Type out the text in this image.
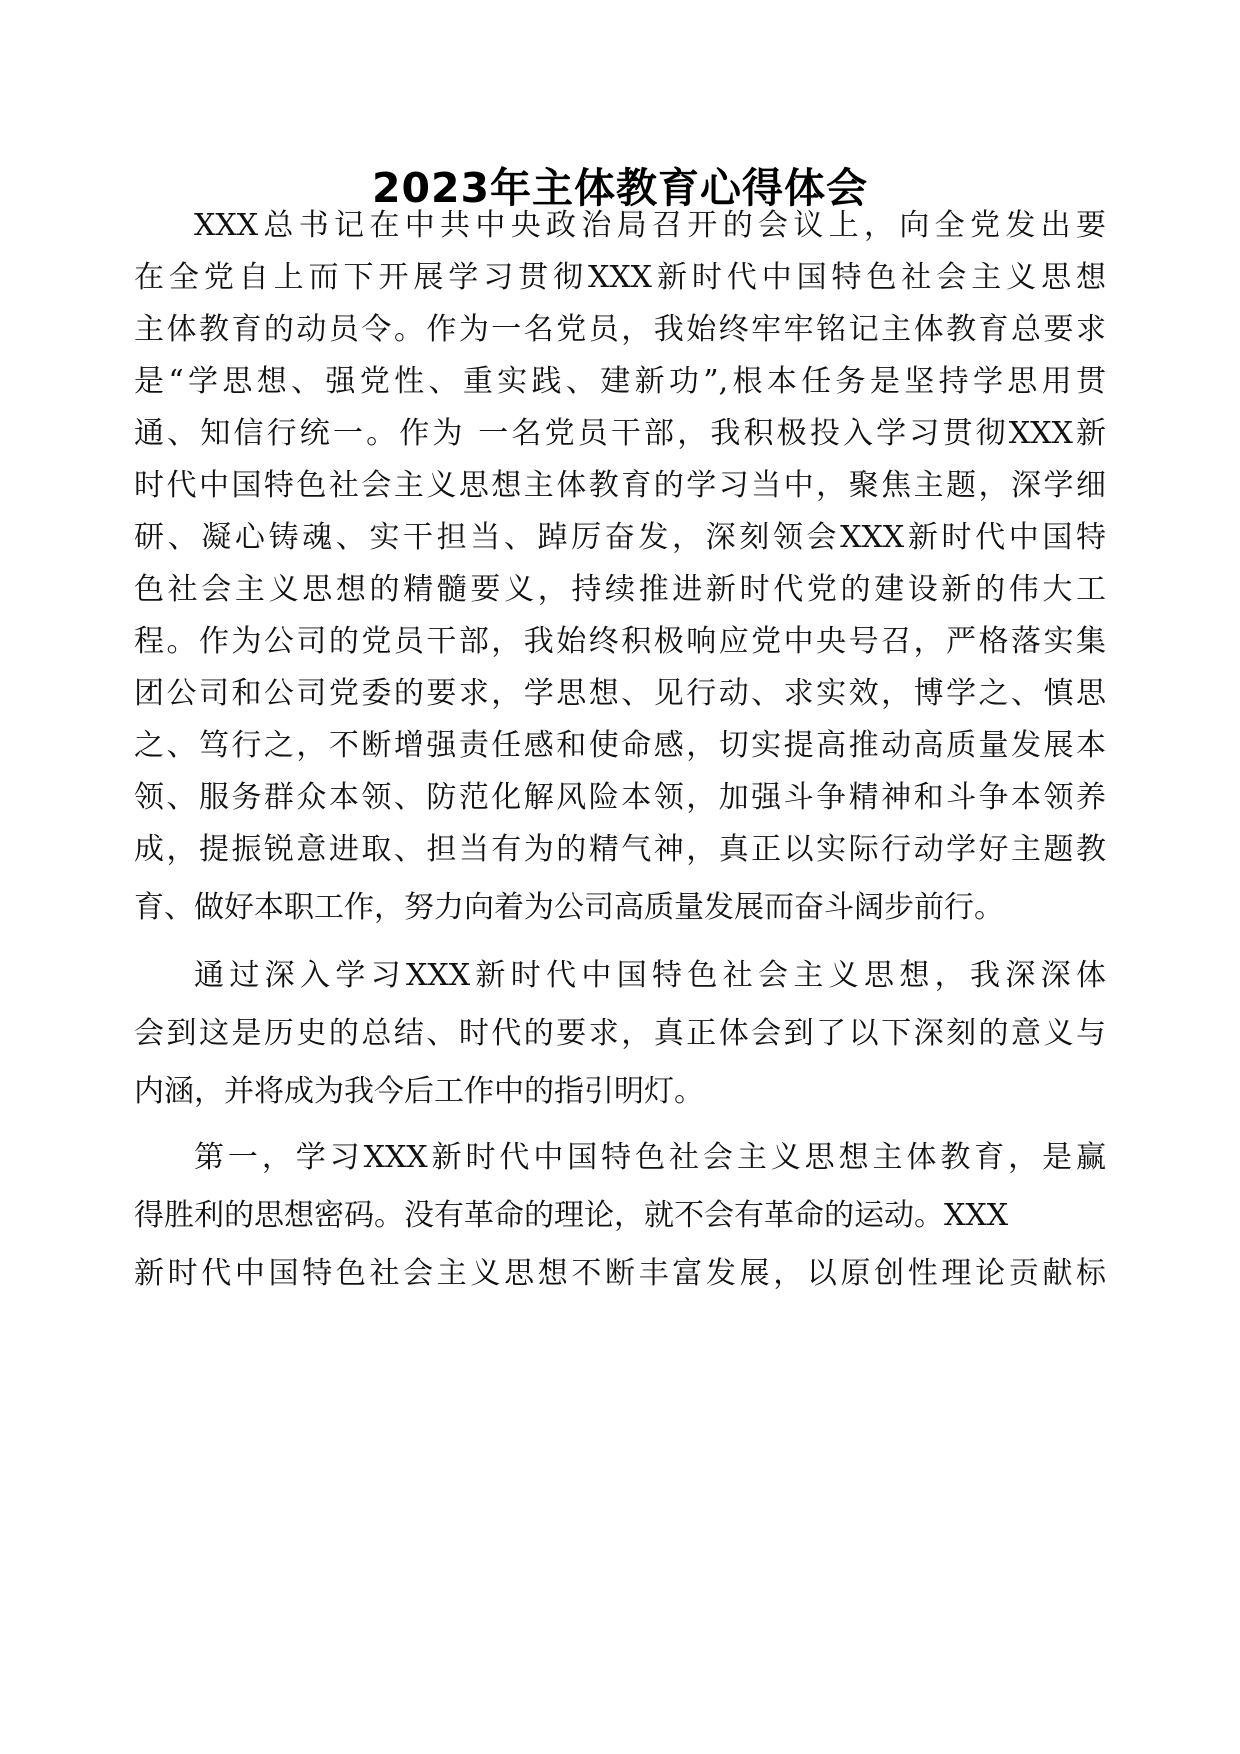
2023年主体教育心得体会
XXX总书记在中共中央政治局召开的会议上，向全党发出要
在全党自上而下开展学习贯彻XXX新时代中国特色社会主义思想
主体教育的动员令。作为一名党员，我始终牢牢铭记主体教育总要求
是“学思想、强党性、重实践、建新功”,根本任务是坚持学思用贯
通、知信行统一。作为 一名党员干部，我积极投入学习贯彻XXX新
时代中国特色社会主义思想主体教育的学习当中，聚焦主题，深学细
研、凝心铸魂、实干担当、踔厉奋发，深刻领会XXX新时代中国特
色社会主义思想的精髓要义，持续推进新时代党的建设新的伟大工
程。作为公司的党员干部，我始终积极响应党中央号召，严格落实集
团公司和公司党委的要求，学思想、见行动、求实效，博学之、慎思
之、笃行之，不断增强责任感和使命感，切实提高推动高质量发展本
领、服务群众本领、防范化解风险本领，加强斗争精神和斗争本领养
成，提振锐意进取、担当有为的精气神，真正以实际行动学好主题教
育、做好本职工作，努力向着为公司高质量发展而奋斗阔步前行。
通过深入学习XXX新时代中国特色社会主义思想，我深深体
会到这是历史的总结、时代的要求，真正体会到了以下深刻的意义与
内涵，并将成为我今后工作中的指引明灯。
第一，学习XXX新时代中国特色社会主义思想主体教育，是赢
得胜利的思想密码。没有革命的理论，就不会有革命的运动。XXX
新时代中国特色社会主义思想不断丰富发展，以原创性理论贡献标
